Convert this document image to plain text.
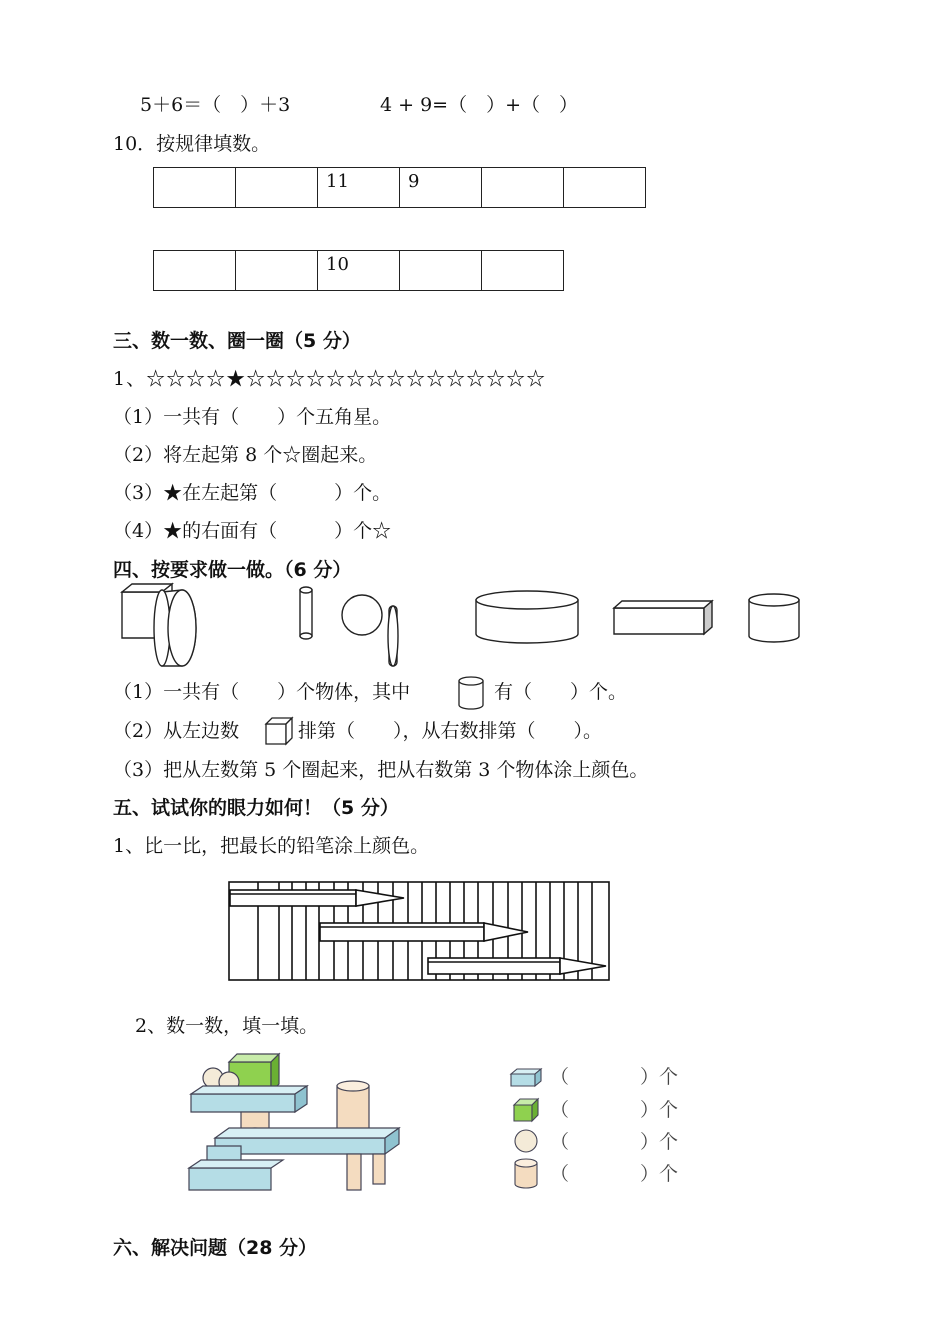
5＋6＝（　）＋3	4 + 9=（　）+（　）
10．按规律填数。

11	9

10

三、数一数、圈一圈（5 分）
1、☆☆☆☆★☆☆☆☆☆☆☆☆☆☆☆☆☆☆☆
（1）一共有（　　）个五角星。
（2）将左起第 8 个☆圈起来。
（3）★在左起第（　　　）个。
（4）★的右面有（　　　）个☆
四、按要求做一做。（6 分）
（1）一共有（　　）个物体，其中	有（　　）个。
（2）从左边数	排第（　　），从右数排第（　　）。
（3）把从左数第 5 个圈起来，把从右数第 3 个物体涂上颜色。
五、试试你的眼力如何！（5 分）
1、比一比，把最长的铅笔涂上颜色。
2、数一数，填一填。
（	）个
（	）个
（	）个
（	）个
六、解决问题（28 分）
